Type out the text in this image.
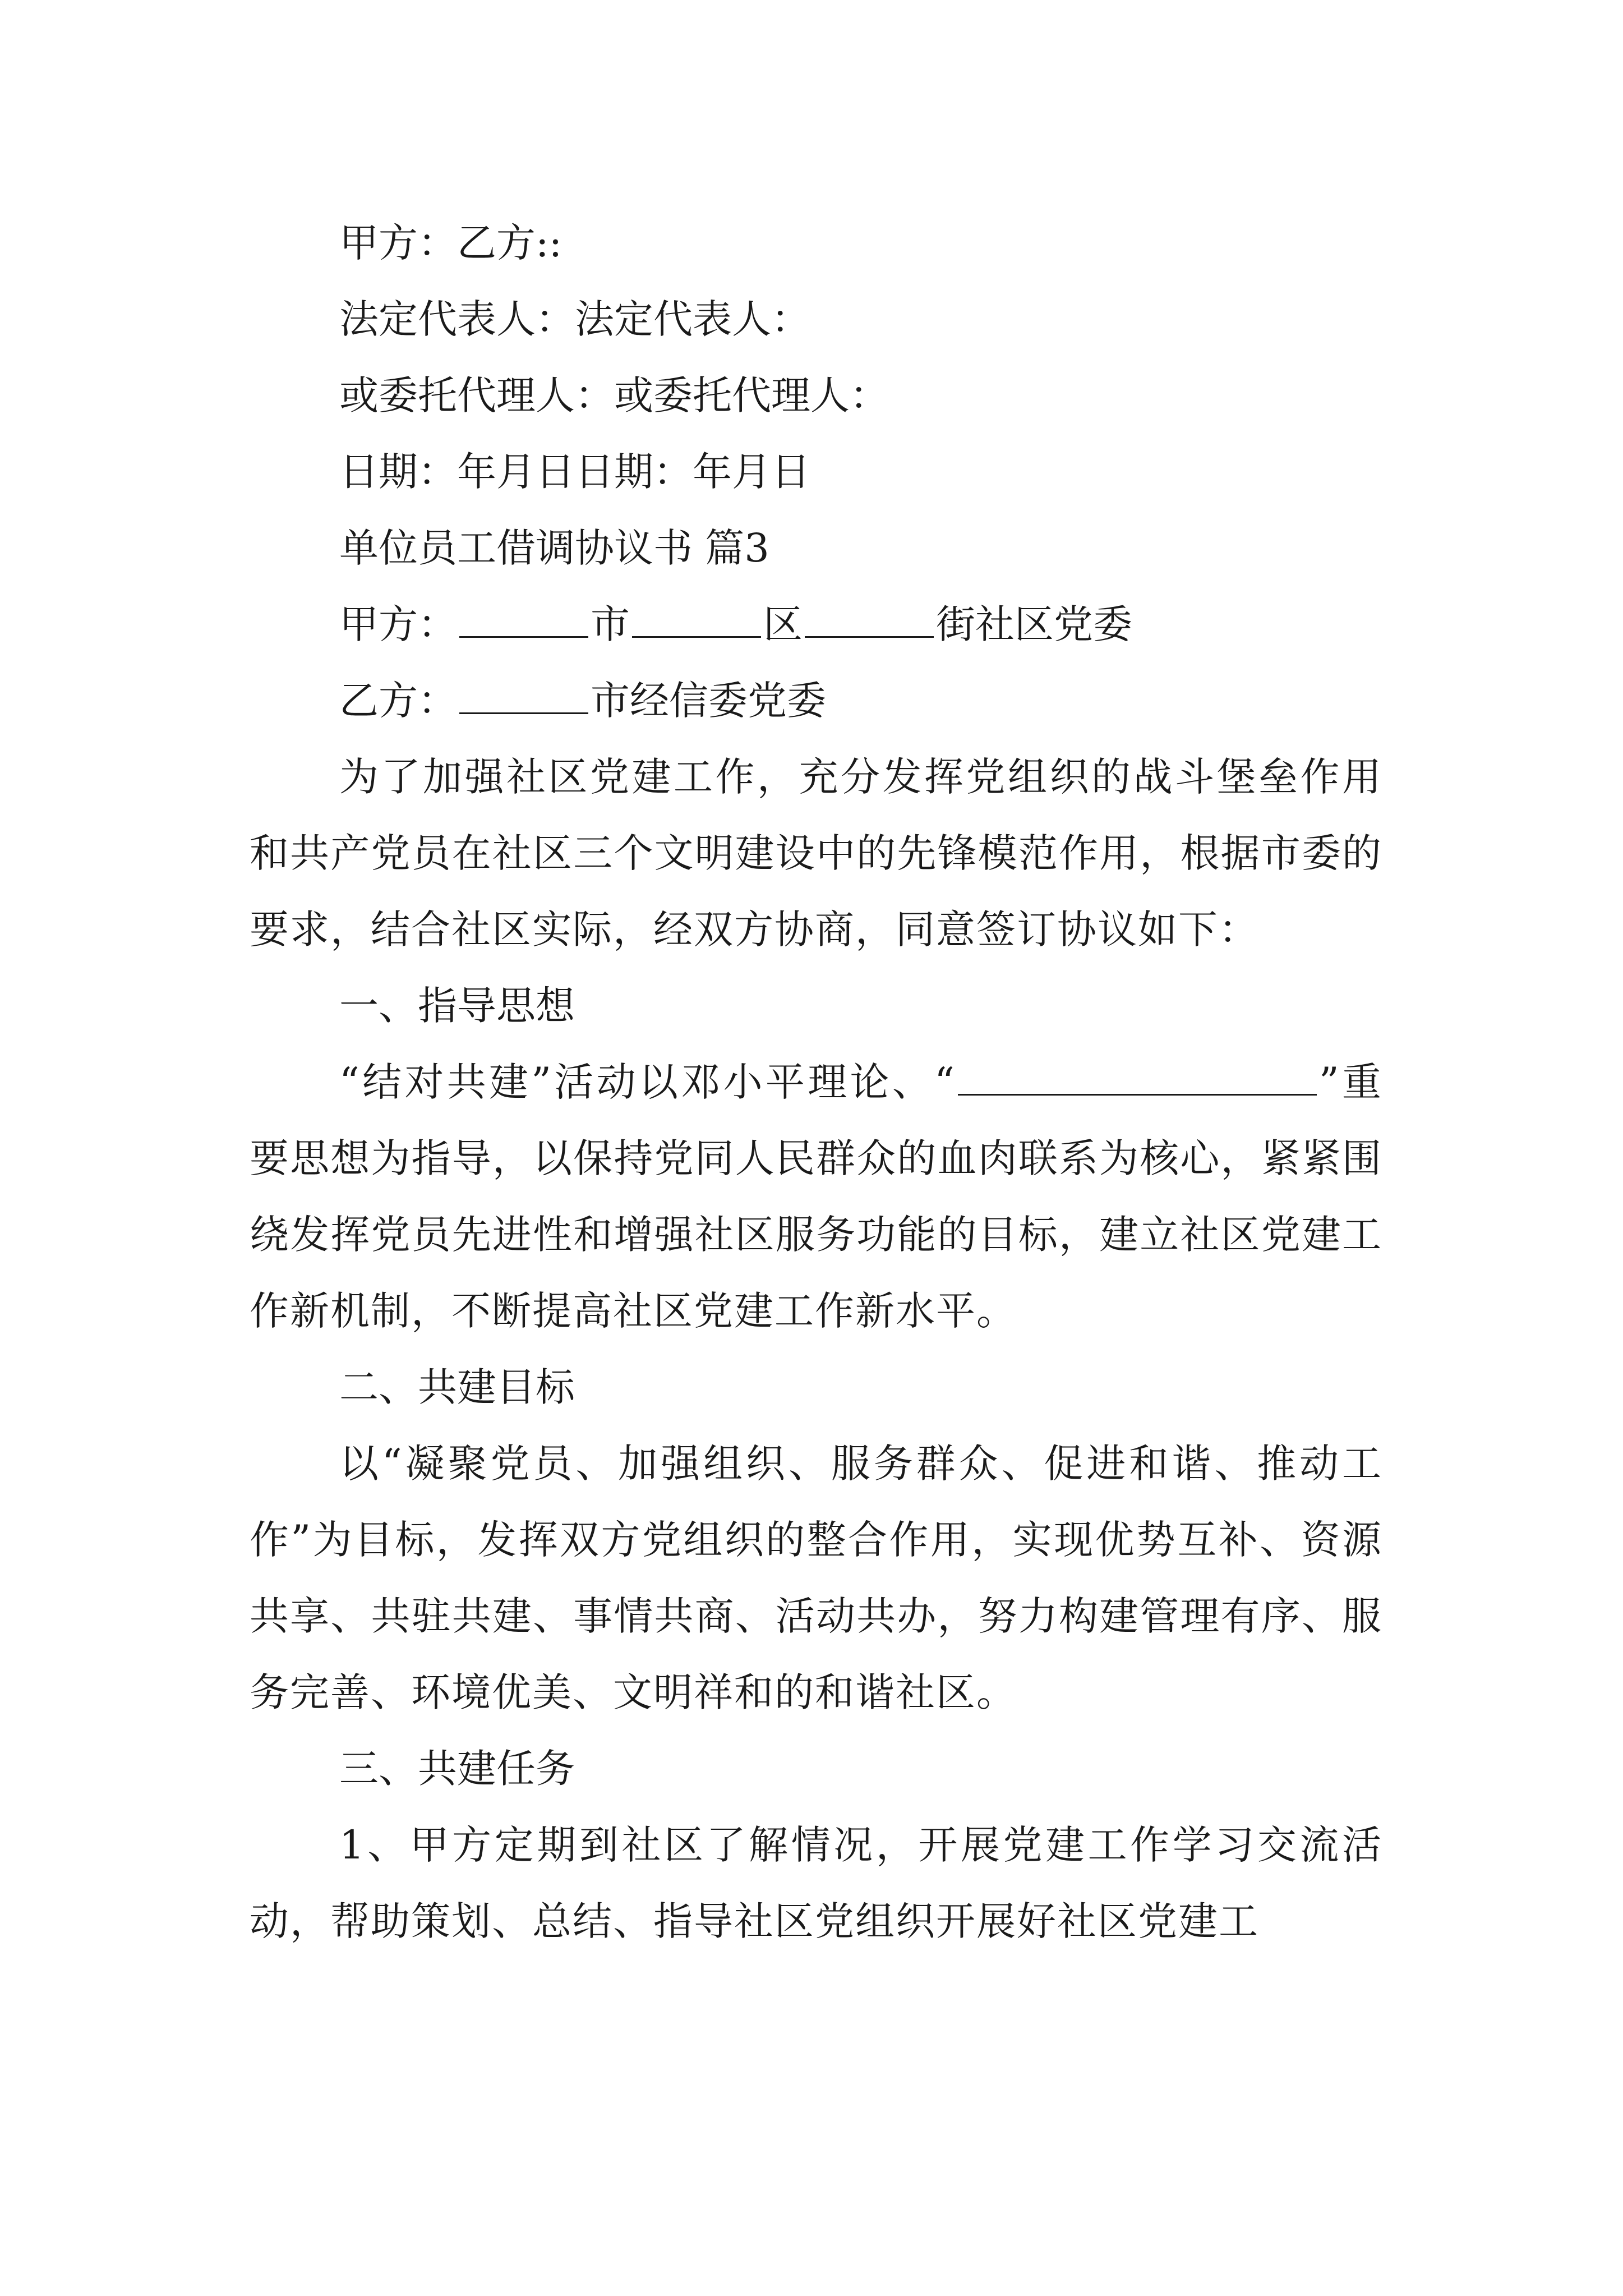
甲方：乙方::
法定代表人：法定代表人：
或委托代理人：或委托代理人：
日期：年月日日期：年月日
单位员工借调协议书 篇3
甲方：	市	区	街社区党委
乙方：	市经信委党委
为了加强社区党建工作，充分发挥党组织的战斗堡垒作用和共产党员在社区三个文明建设中的先锋模范作用，根据市委的要求，结合社区实际，经双方协商，同意签订协议如下：
一、指导思想
“结对共建”活动以邓小平理论、“	”重要思想为指导，以保持党同人民群众的血肉联系为核心，紧紧围绕发挥党员先进性和增强社区服务功能的目标，建立社区党建工作新机制，不断提高社区党建工作新水平。
二、共建目标
以“凝聚党员、加强组织、服务群众、促进和谐、推动工作”为目标，发挥双方党组织的整合作用，实现优势互补、资源共享、共驻共建、事情共商、活动共办，努力构建管理有序、服务完善、环境优美、文明祥和的和谐社区。
三、共建任务
1、甲方定期到社区了解情况，开展党建工作学习交流活动，帮助策划、总结、指导社区党组织开展好社区党建工
